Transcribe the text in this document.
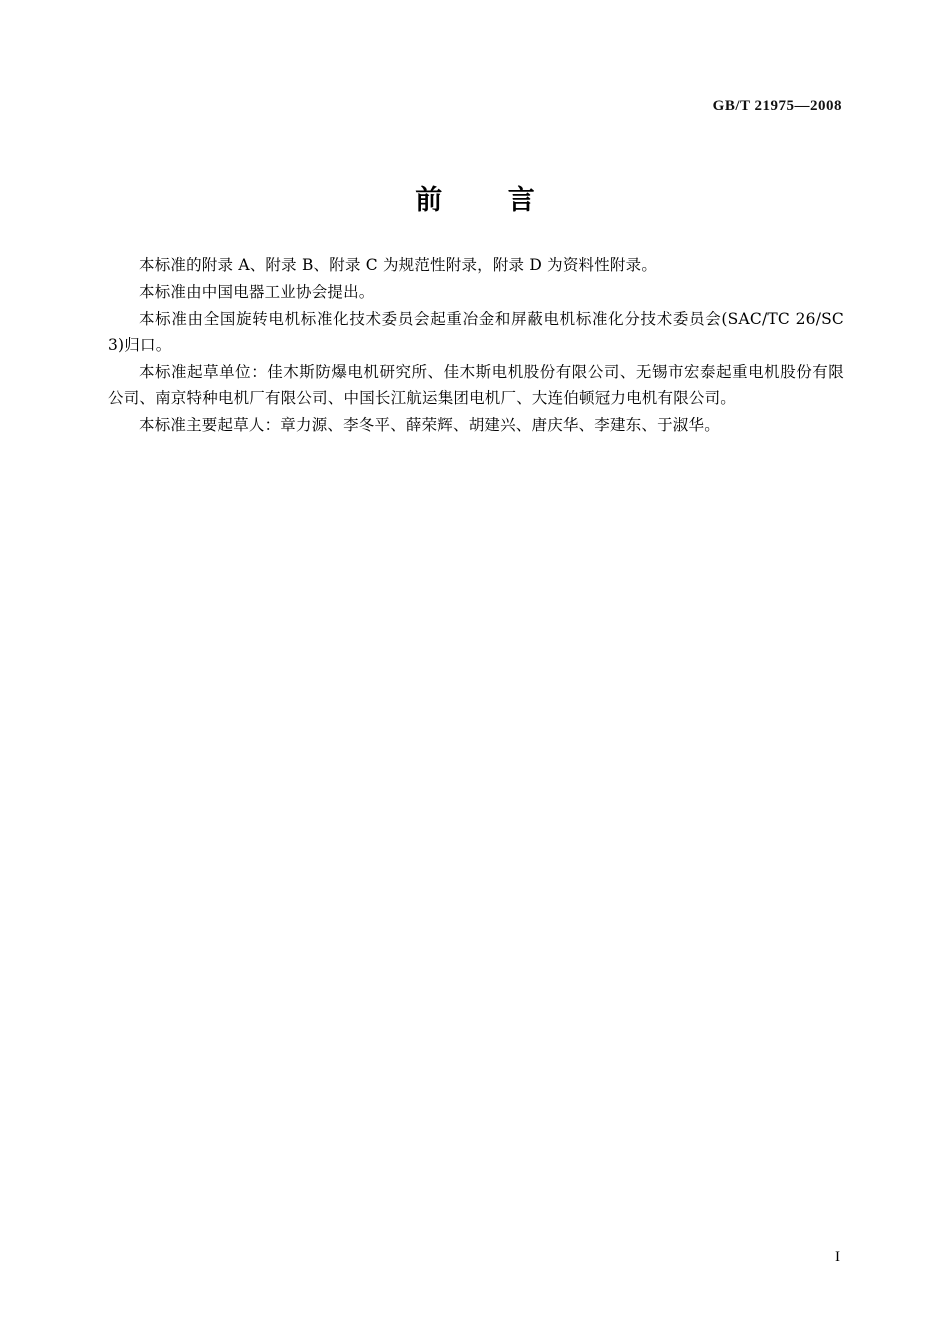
GB/T 21975—2008
前 言

本标准的附录 A、附录 B、附录 C 为规范性附录，附录 D 为资料性附录。

本标准由中国电器工业协会提出。

本标准由全国旋转电机标准化技术委员会起重冶金和屏蔽电机标准化分技术委员会(SAC/TC 26/SC 3)归口。

本标准起草单位：佳木斯防爆电机研究所、佳木斯电机股份有限公司、无锡市宏泰起重电机股份有限公司、南京特种电机厂有限公司、中国长江航运集团电机厂、大连伯顿冠力电机有限公司。

本标准主要起草人：章力源、李冬平、薛荣辉、胡建兴、唐庆华、李建东、于淑华。

I
